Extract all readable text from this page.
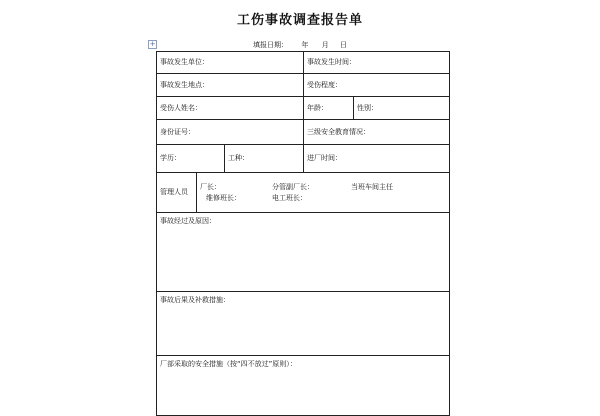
工伤事故调查报告单
+	填报日期： 年 月 日
事故发生单位：			事故发生时间：	
事故发生地点：			受伤程度：	
受伤人姓名：			年龄：	性别：
身份证号：			三级安全教育情况：	
学历：		工种：	进厂时间：	
管理人员	厂长： 分管副厂长： 当班车间主任
维修班长： 电工班长：			

事故经过及原因：				
事故后果及补救措施：				
厂部采取的安全措施（按“四不放过”原则）：				
